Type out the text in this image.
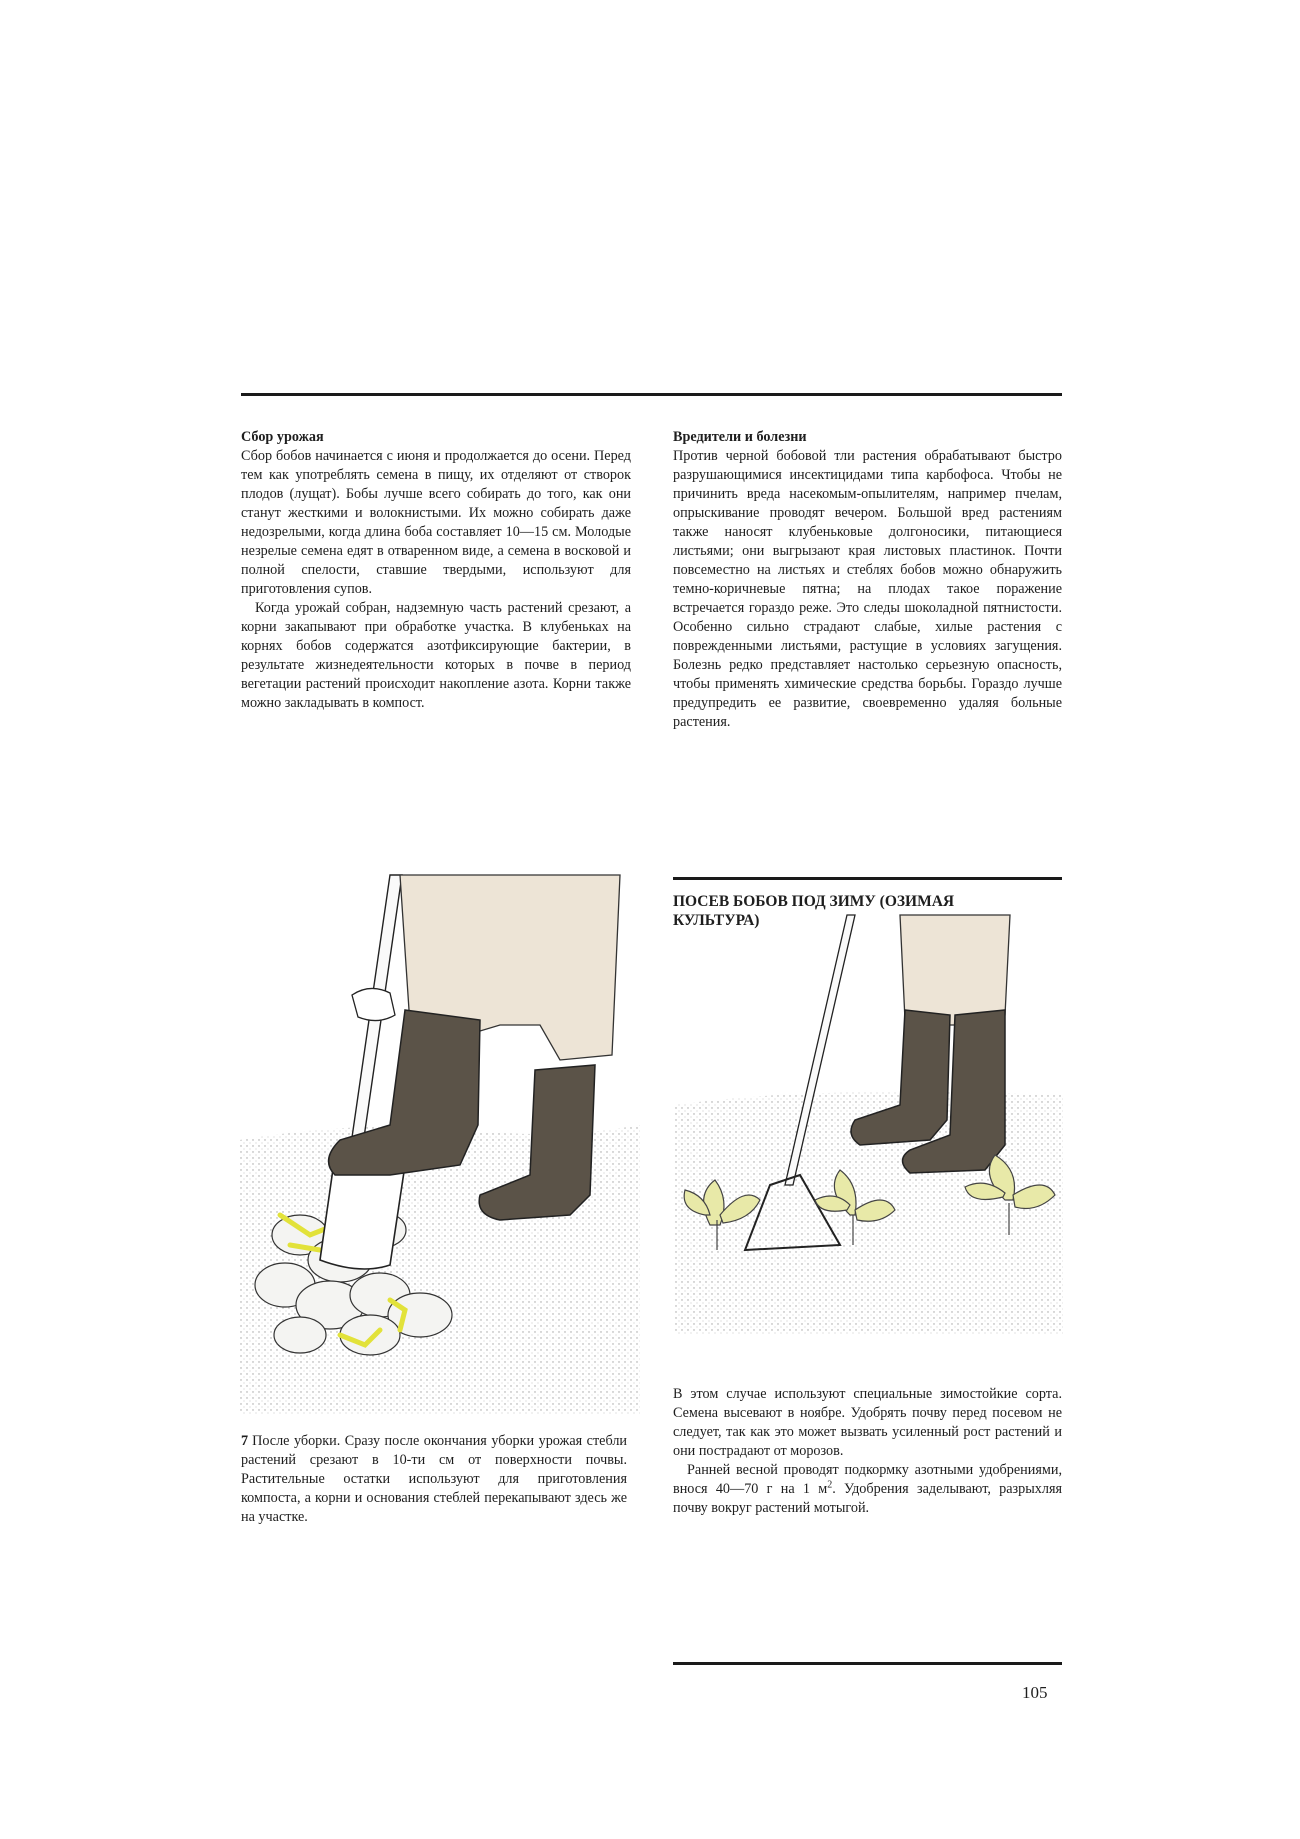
Сбор урожая

Сбор бобов начинается с июня и продолжается до осени. Перед тем как употреблять семена в пищу, их отделяют от створок плодов (лущат). Бобы лучше всего собирать до того, как они станут жесткими и волокнистыми. Их можно собирать даже недозрелыми, когда длина боба составляет 10—15 см. Молодые незрелые семена едят в отваренном виде, а семена в восковой и полной спелости, ставшие твердыми, используют для приготовления супов.

Когда урожай собран, надземную часть растений срезают, а корни закапывают при обработке участка. В клубеньках на корнях бобов содержатся азотфиксирующие бактерии, в результате жизнедеятельности которых в почве в период вегетации растений происходит накопление азота. Корни также можно закладывать в компост.

Вредители и болезни

Против черной бобовой тли растения обрабатывают быстро разрушающимися инсектицидами типа карбофоса. Чтобы не причинить вреда насекомым-опылителям, например пчелам, опрыскивание проводят вечером. Большой вред растениям также наносят клубеньковые долгоносики, питающиеся листьями; они выгрызают края листовых пластинок. Почти повсеместно на листьях и стеблях бобов можно обнаружить темно-коричневые пятна; на плодах такое поражение встречается гораздо реже. Это следы шоколадной пятнистости. Особенно сильно страдают слабые, хилые растения с поврежденными листьями, растущие в условиях загущения. Болезнь редко представляет настолько серьезную опасность, чтобы применять химические средства борьбы. Гораздо лучше предупредить ее развитие, своевременно удаляя больные растения.

7 После уборки. Сразу после окончания уборки урожая стебли растений срезают в 10-ти см от поверхности почвы. Растительные остатки используют для приготовления компоста, а корни и основания стеблей перекапывают здесь же на участке.
ПОСЕВ БОБОВ ПОД ЗИМУ (ОЗИМАЯ КУЛЬТУРА)

В этом случае используют специальные зимостойкие сорта. Семена высевают в ноябре. Удобрять почву перед посевом не следует, так как это может вызвать усиленный рост растений и они пострадают от морозов.

Ранней весной проводят подкормку азотными удобрениями, внося 40—70 г на 1 $м^2$. Удобрения заделывают, разрыхляя почву вокруг растений мотыгой.

105
